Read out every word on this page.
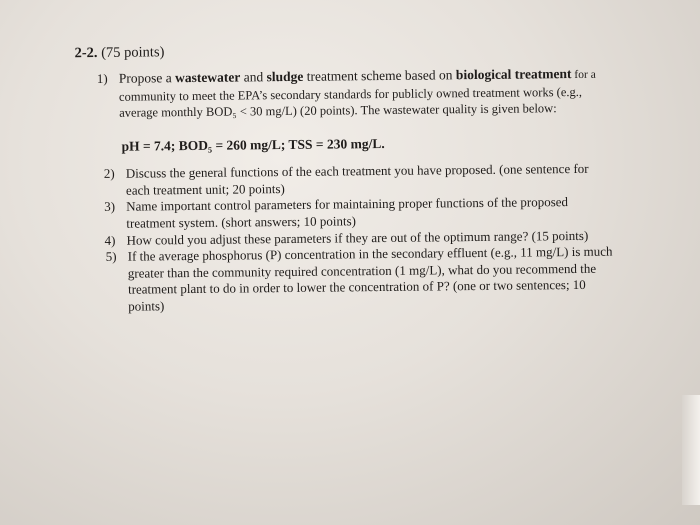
2-2. (75 points)
1) Propose a wastewater and sludge treatment scheme based on biological treatment for a
community to meet the EPA’s secondary standards for publicly owned treatment works (e.g.,
average monthly BOD₅ < 30 mg/L) (20 points). The wastewater quality is given below:
pH = 7.4; BOD₅ = 260 mg/L; TSS = 230 mg/L.
2) Discuss the general functions of the each treatment you have proposed. (one sentence for
each treatment unit; 20 points)
3) Name important control parameters for maintaining proper functions of the proposed
treatment system. (short answers; 10 points)
4) How could you adjust these parameters if they are out of the optimum range? (15 points)
5) If the average phosphorus (P) concentration in the secondary effluent (e.g., 11 mg/L) is much
greater than the community required concentration (1 mg/L), what do you recommend the
treatment plant to do in order to lower the concentration of P? (one or two sentences; 10
points)
